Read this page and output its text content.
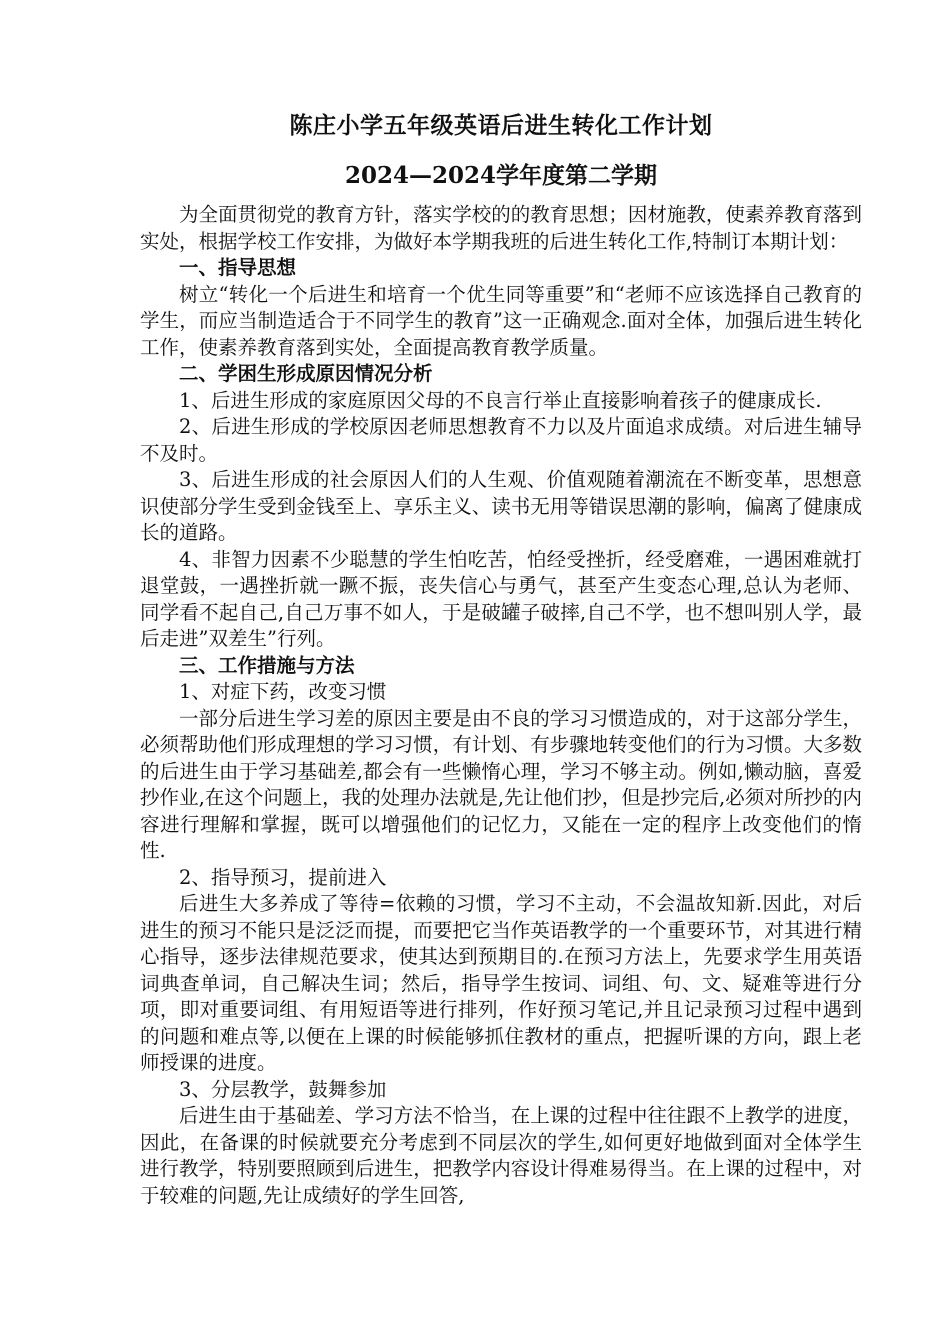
陈庄小学五年级英语后进生转化工作计划
2024—2024学年度第二学期

为全面贯彻党的教育方针，落实学校的的教育思想；因材施教，使素养教育落到实处，根据学校工作安排，为做好本学期我班的后进生转化工作,特制订本期计划：

一、指导思想

树立“转化一个后进生和培育一个优生同等重要”和“老师不应该选择自己教育的学生，而应当制造适合于不同学生的教育”这一正确观念.面对全体，加强后进生转化工作，使素养教育落到实处，全面提高教育教学质量。

二、学困生形成原因情况分析

1、后进生形成的家庭原因父母的不良言行举止直接影响着孩子的健康成长.

2、后进生形成的学校原因老师思想教育不力以及片面追求成绩。对后进生辅导不及时。

3、后进生形成的社会原因人们的人生观、价值观随着潮流在不断变革，思想意识使部分学生受到金钱至上、享乐主义、读书无用等错误思潮的影响，偏离了健康成长的道路。

4、非智力因素不少聪慧的学生怕吃苦，怕经受挫折，经受磨难，一遇困难就打退堂鼓，一遇挫折就一蹶不振，丧失信心与勇气，甚至产生变态心理,总认为老师、同学看不起自己,自己万事不如人，于是破罐子破摔,自己不学，也不想叫别人学，最后走进”双差生”行列。

三、工作措施与方法

1、对症下药，改变习惯

一部分后进生学习差的原因主要是由不良的学习习惯造成的，对于这部分学生，必须帮助他们形成理想的学习习惯，有计划、有步骤地转变他们的行为习惯。大多数的后进生由于学习基础差,都会有一些懒惰心理，学习不够主动。例如,懒动脑，喜爱抄作业,在这个问题上，我的处理办法就是,先让他们抄，但是抄完后,必须对所抄的内容进行理解和掌握，既可以增强他们的记忆力，又能在一定的程序上改变他们的惰性.

2、指导预习，提前进入

后进生大多养成了等待=依赖的习惯，学习不主动，不会温故知新.因此，对后进生的预习不能只是泛泛而提，而要把它当作英语教学的一个重要环节，对其进行精心指导，逐步法律规范要求，使其达到预期目的.在预习方法上，先要求学生用英语词典查单词，自己解决生词；然后，指导学生按词、词组、句、文、疑难等进行分项，即对重要词组、有用短语等进行排列，作好预习笔记,并且记录预习过程中遇到的问题和难点等,以便在上课的时候能够抓住教材的重点，把握听课的方向，跟上老师授课的进度。

3、分层教学，鼓舞参加

后进生由于基础差、学习方法不恰当，在上课的过程中往往跟不上教学的进度，因此，在备课的时候就要充分考虑到不同层次的学生,如何更好地做到面对全体学生进行教学，特别要照顾到后进生，把教学内容设计得难易得当。在上课的过程中，对于较难的问题,先让成绩好的学生回答,
